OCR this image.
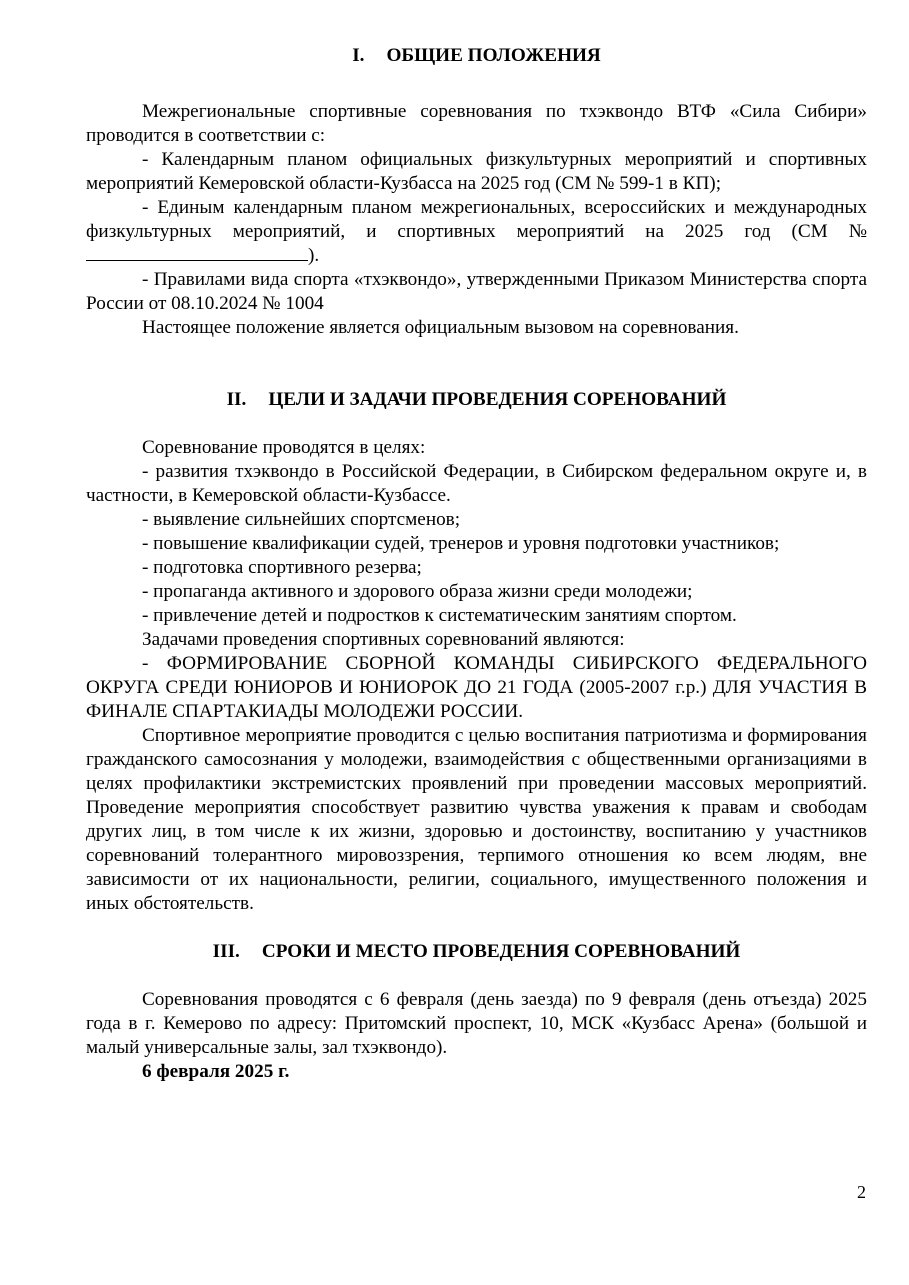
I. ОБЩИЕ ПОЛОЖЕНИЯ

Межрегиональные спортивные соревнования по тхэквондо ВТФ «Сила Сибири» проводится в соответствии с:

- Календарным планом официальных физкультурных мероприятий и спортивных мероприятий Кемеровской области-Кузбасса на 2025 год (СМ № 599-1 в КП);

- Единым календарным планом межрегиональных, всероссийских и международных физкультурных мероприятий, и спортивных мероприятий на 2025 год (СМ № ).

- Правилами вида спорта «тхэквондо», утвержденными Приказом Министерства спорта России от 08.10.2024 № 1004

Настоящее положение является официальным вызовом на соревнования.

II. ЦЕЛИ И ЗАДАЧИ ПРОВЕДЕНИЯ СОРЕНОВАНИЙ

Соревнование проводятся в целях:

- развития тхэквондо в Российской Федерации, в Сибирском федеральном округе и, в частности, в Кемеровской области-Кузбассе.

- выявление сильнейших спортсменов;

- повышение квалификации судей, тренеров и уровня подготовки участников;

- подготовка спортивного резерва;

- пропаганда активного и здорового образа жизни среди молодежи;

- привлечение детей и подростков к систематическим занятиям спортом.

Задачами проведения спортивных соревнований являются:

- ФОРМИРОВАНИЕ СБОРНОЙ КОМАНДЫ СИБИРСКОГО ФЕДЕРАЛЬНОГО ОКРУГА СРЕДИ ЮНИОРОВ И ЮНИОРОК ДО 21 ГОДА (2005-2007 г.р.) ДЛЯ УЧАСТИЯ В ФИНАЛЕ СПАРТАКИАДЫ МОЛОДЕЖИ РОССИИ.

Спортивное мероприятие проводится с целью воспитания патриотизма и формирования гражданского самосознания у молодежи, взаимодействия с общественными организациями в целях профилактики экстремистских проявлений при проведении массовых мероприятий. Проведение мероприятия способствует развитию чувства уважения к правам и свободам других лиц, в том числе к их жизни, здоровью и достоинству, воспитанию у участников соревнований толерантного мировоззрения, терпимого отношения ко всем людям, вне зависимости от их национальности, религии, социального, имущественного положения и иных обстоятельств.

III. СРОКИ И МЕСТО ПРОВЕДЕНИЯ СОРЕВНОВАНИЙ

Соревнования проводятся с 6 февраля (день заезда) по 9 февраля (день отъезда) 2025 года в г. Кемерово по адресу: Притомский проспект, 10, МСК «Кузбасс Арена» (большой и малый универсальные залы, зал тхэквондо).

6 февраля 2025 г.

2
